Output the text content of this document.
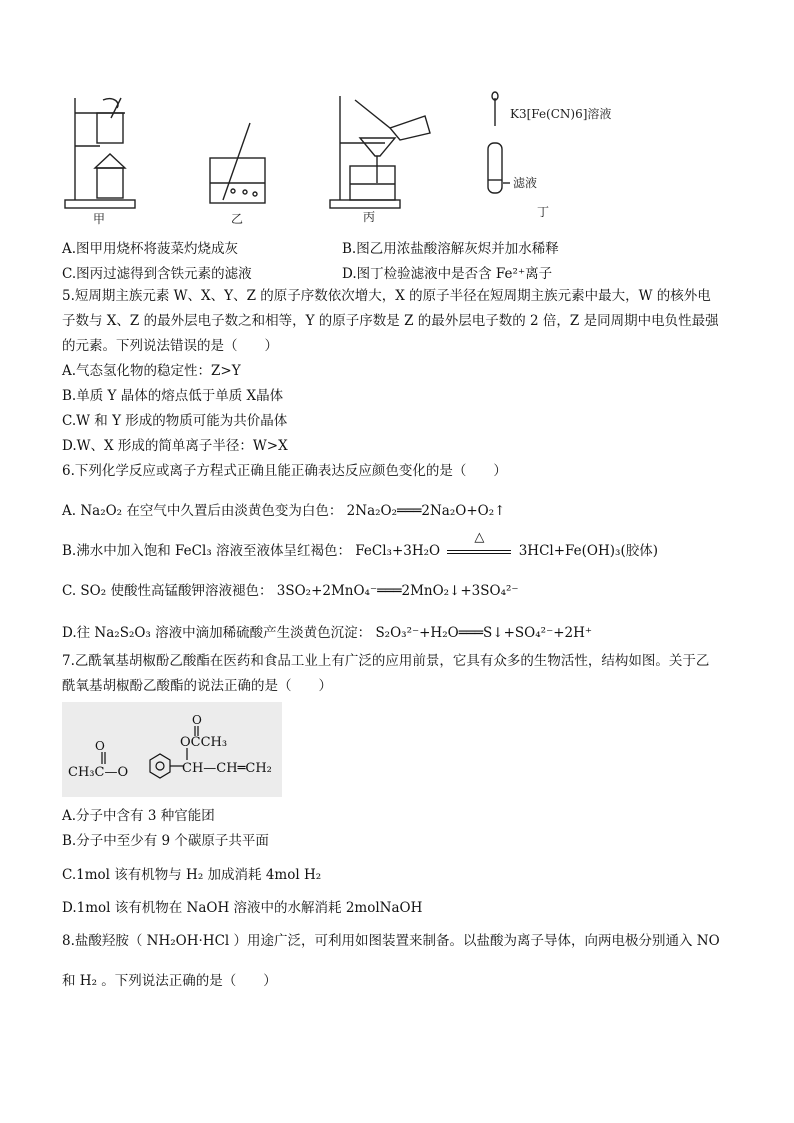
K3[Fe(CN)6]溶液
滤液
甲	乙	丙	丁
A.图甲用烧杯将菠菜灼烧成灰	B.图乙用浓盐酸溶解灰烬并加水稀释
C.图丙过滤得到含铁元素的滤液	D.图丁检验滤液中是否含 Fe²⁺离子
5.短周期主族元素 W、X、Y、Z 的原子序数依次增大，X 的原子半径在短周期主族元素中最大，W 的核外电
子数与 X、Z 的最外层电子数之和相等，Y 的原子序数是 Z 的最外层电子数的 2 倍，Z 是同周期中电负性最强
的元素。下列说法错误的是（　　）
A.气态氢化物的稳定性：Z>Y
B.单质 Y 晶体的熔点低于单质 X晶体
C.W 和 Y 形成的物质可能为共价晶体
D.W、X 形成的简单离子半径：W>X
6.下列化学反应或离子方程式正确且能正确表达反应颜色变化的是（　　）
A. Na₂O₂ 在空气中久置后由淡黄色变为白色： 2Na₂O₂═══2Na₂O+O₂↑
B.沸水中加入饱和 FeCl₃ 溶液至液体呈红褐色： FeCl₃+3H₂O
△
3HCl+Fe(OH)₃(胶体)
C. SO₂ 使酸性高锰酸钾溶液褪色： 3SO₂+2MnO₄⁻═══2MnO₂↓+3SO₄²⁻
D.往 Na₂S₂O₃ 溶液中滴加稀硫酸产生淡黄色沉淀： S₂O₃²⁻+H₂O═══S↓+SO₄²⁻+2H⁺
7.乙酰氧基胡椒酚乙酸酯在医药和食品工业上有广泛的应用前景，它具有众多的生物活性，结构如图。关于乙
酰氧基胡椒酚乙酸酯的说法正确的是（　　）
O
O
CH₃C—O
OCCH₃
CH—CH═CH₂
A.分子中含有 3 种官能团
B.分子中至少有 9 个碳原子共平面
C.1mol 该有机物与 H₂ 加成消耗 4mol H₂
D.1mol 该有机物在 NaOH 溶液中的水解消耗 2molNaOH
8.盐酸羟胺（ NH₂OH·HCl ）用途广泛，可利用如图装置来制备。以盐酸为离子导体，向两电极分别通入 NO
和 H₂ 。下列说法正确的是（　　）
